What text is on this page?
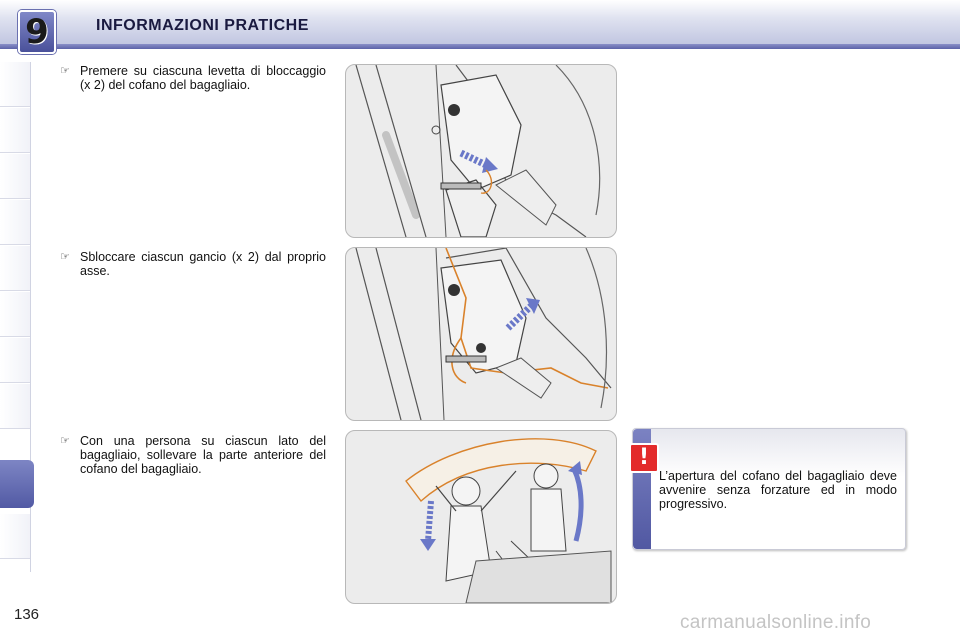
9	INFORMAZIONI PRATICHE
☞ Premere su ciascuna levetta di bloccaggio (x 2) del cofano del bagagliaio.
☞ Sbloccare ciascun gancio (x 2) dal proprio asse.
☞ Con una persona su ciascun lato del bagagliaio, sollevare la parte anteriore del cofano del bagagliaio.	!
L’apertura del cofano del bagagliaio deve avvenire senza forzature ed in modo progressivo.
136	carmanualsonline.info
